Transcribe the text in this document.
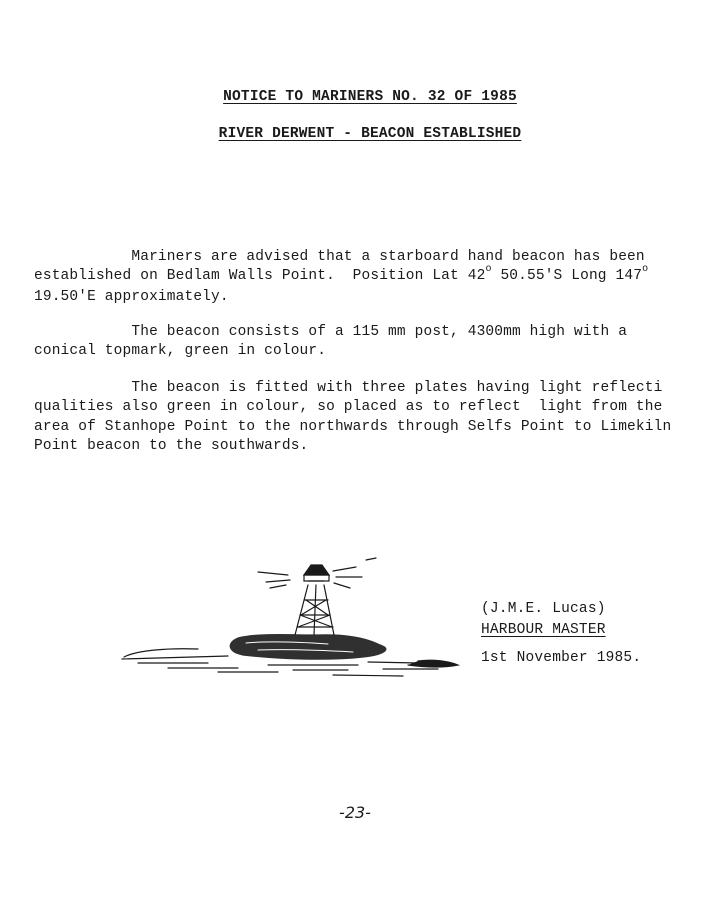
NOTICE TO MARINERS NO. 32 OF 1985
RIVER DERWENT - BEACON ESTABLISHED
Mariners are advised that a starboard hand beacon has been
established on Bedlam Walls Point.  Position Lat 42$^o$ 50.55'S Long 147$^o$
19.50'E approximately.
The beacon consists of a 115 mm post, 4300mm high with a
conical topmark, green in colour.
The beacon is fitted with three plates having light reflecti
qualities also green in colour, so placed as to reflect  light from the
area of Stanhope Point to the northwards through Selfs Point to Limekiln
Point beacon to the southwards.
(J.M.E. Lucas)
HARBOUR MASTER
1st November 1985.
-23-
